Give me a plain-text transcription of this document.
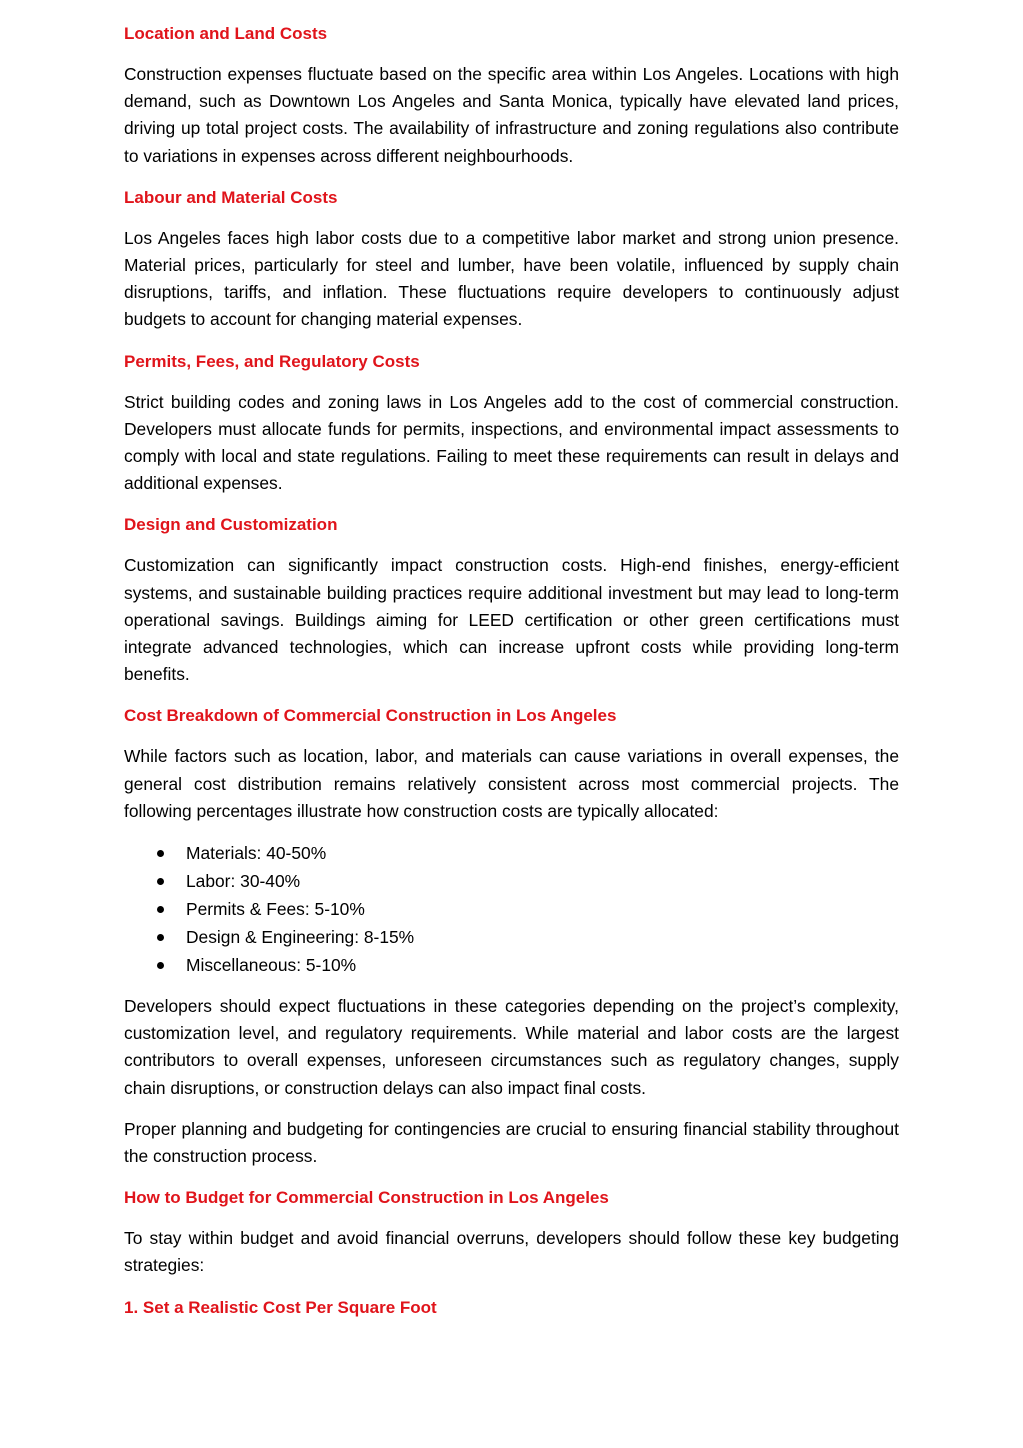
Location and Land Costs

Construction expenses fluctuate based on the specific area within Los Angeles. Locations with high demand, such as Downtown Los Angeles and Santa Monica, typically have elevated land prices, driving up total project costs. The availability of infrastructure and zoning regulations also contribute to variations in expenses across different neighbourhoods.

Labour and Material Costs

Los Angeles faces high labor costs due to a competitive labor market and strong union presence. Material prices, particularly for steel and lumber, have been volatile, influenced by supply chain disruptions, tariffs, and inflation. These fluctuations require developers to continuously adjust budgets to account for changing material expenses.

Permits, Fees, and Regulatory Costs

Strict building codes and zoning laws in Los Angeles add to the cost of commercial construction. Developers must allocate funds for permits, inspections, and environmental impact assessments to comply with local and state regulations. Failing to meet these requirements can result in delays and additional expenses.

Design and Customization

Customization can significantly impact construction costs. High-end finishes, energy-efficient systems, and sustainable building practices require additional investment but may lead to long-term operational savings. Buildings aiming for LEED certification or other green certifications must integrate advanced technologies, which can increase upfront costs while providing long-term benefits.

Cost Breakdown of Commercial Construction in Los Angeles

While factors such as location, labor, and materials can cause variations in overall expenses, the general cost distribution remains relatively consistent across most commercial projects. The following percentages illustrate how construction costs are typically allocated:

Materials: 40-50%
Labor: 30-40%
Permits & Fees: 5-10%
Design & Engineering: 8-15%
Miscellaneous: 5-10%

Developers should expect fluctuations in these categories depending on the project’s complexity, customization level, and regulatory requirements. While material and labor costs are the largest contributors to overall expenses, unforeseen circumstances such as regulatory changes, supply chain disruptions, or construction delays can also impact final costs.

Proper planning and budgeting for contingencies are crucial to ensuring financial stability throughout the construction process.

How to Budget for Commercial Construction in Los Angeles

To stay within budget and avoid financial overruns, developers should follow these key budgeting strategies:

1. Set a Realistic Cost Per Square Foot
